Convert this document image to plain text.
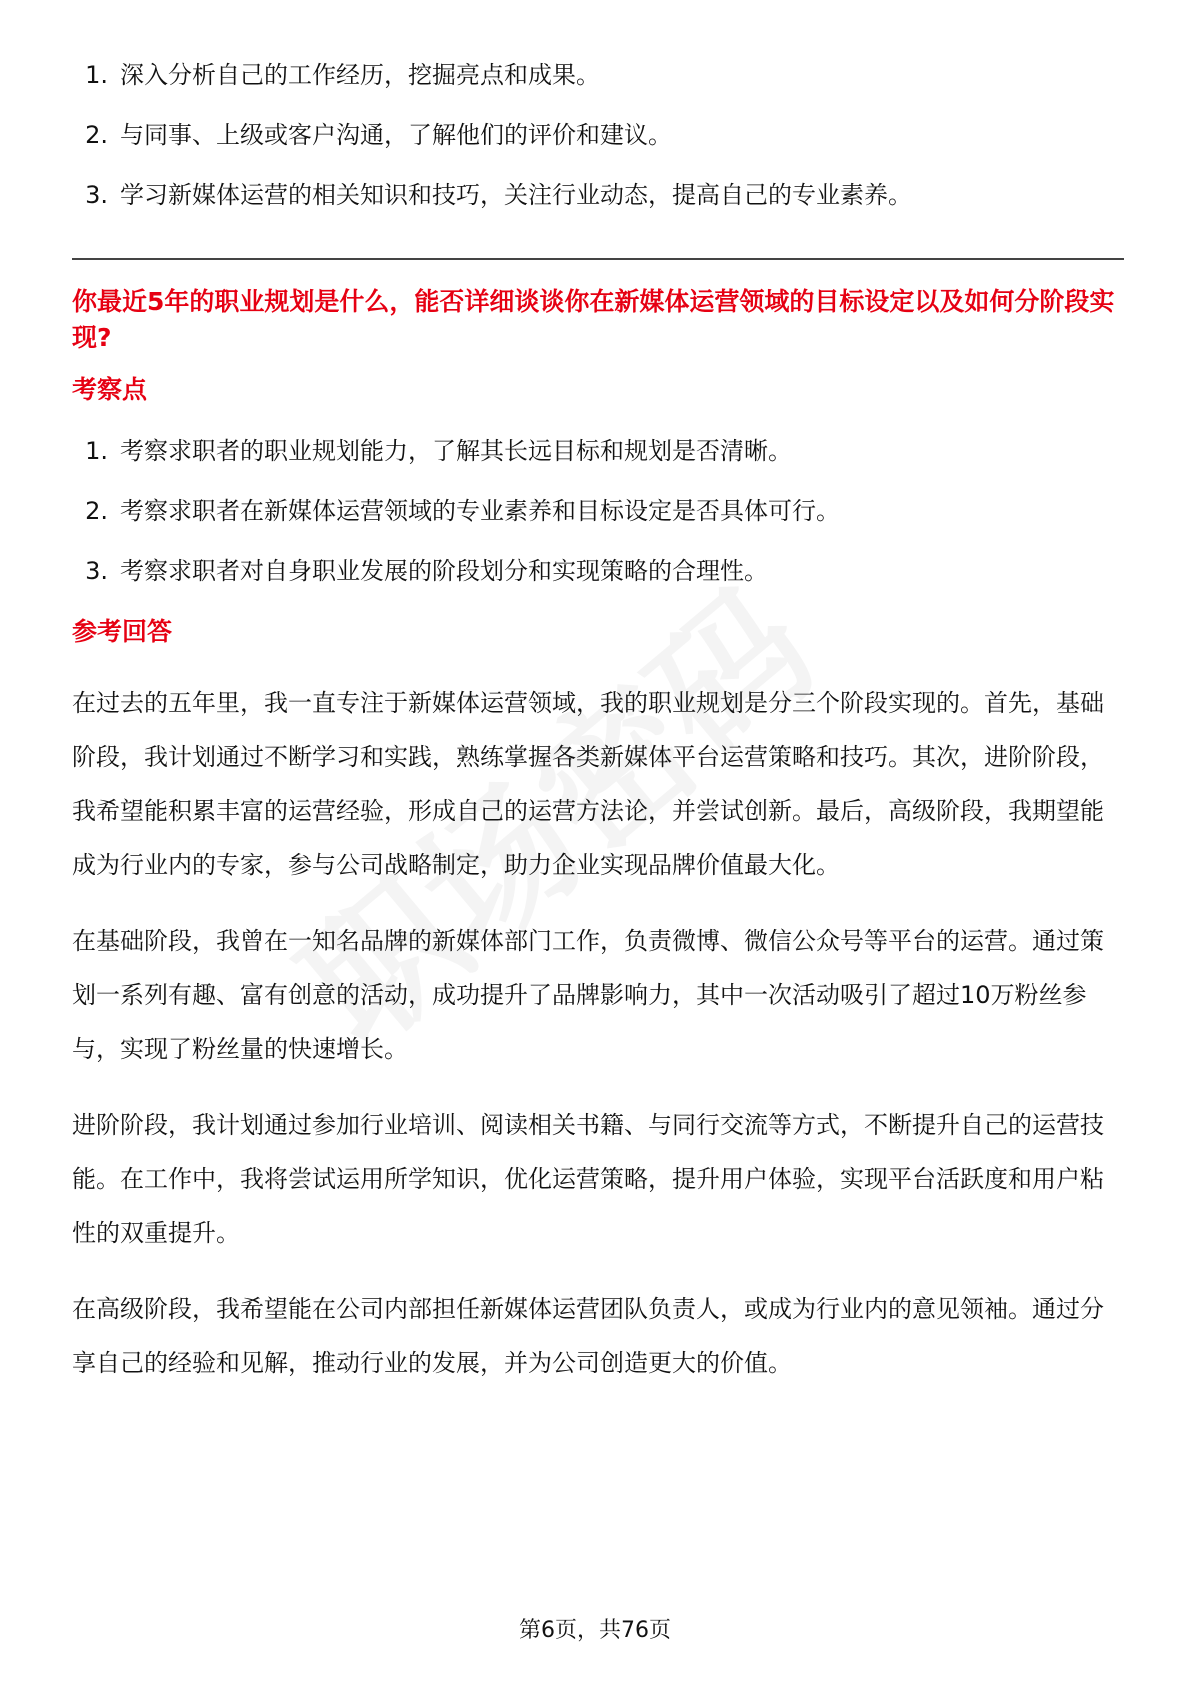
1. 深入分析自己的工作经历，挖掘亮点和成果。
2. 与同事、上级或客户沟通，了解他们的评价和建议。
3. 学习新媒体运营的相关知识和技巧，关注行业动态，提高自己的专业素养。
你最近5年的职业规划是什么，能否详细谈谈你在新媒体运营领域的目标设定以及如何分阶段实现?
考察点
1. 考察求职者的职业规划能力，了解其长远目标和规划是否清晰。
2. 考察求职者在新媒体运营领域的专业素养和目标设定是否具体可行。
3. 考察求职者对自身职业发展的阶段划分和实现策略的合理性。
参考回答

在过去的五年里，我一直专注于新媒体运营领域，我的职业规划是分三个阶段实现的。首先，基础阶段，我计划通过不断学习和实践，熟练掌握各类新媒体平台运营策略和技巧。其次，进阶阶段，我希望能积累丰富的运营经验，形成自己的运营方法论，并尝试创新。最后，高级阶段，我期望能成为行业内的专家，参与公司战略制定，助力企业实现品牌价值最大化。

在基础阶段，我曾在一知名品牌的新媒体部门工作，负责微博、微信公众号等平台的运营。通过策划一系列有趣、富有创意的活动，成功提升了品牌影响力，其中一次活动吸引了超过10万粉丝参与，实现了粉丝量的快速增长。

进阶阶段，我计划通过参加行业培训、阅读相关书籍、与同行交流等方式，不断提升自己的运营技能。在工作中，我将尝试运用所学知识，优化运营策略，提升用户体验，实现平台活跃度和用户粘性的双重提升。

在高级阶段，我希望能在公司内部担任新媒体运营团队负责人，或成为行业内的意见领袖。通过分享自己的经验和见解，推动行业的发展，并为公司创造更大的价值。

第6页，共76页
